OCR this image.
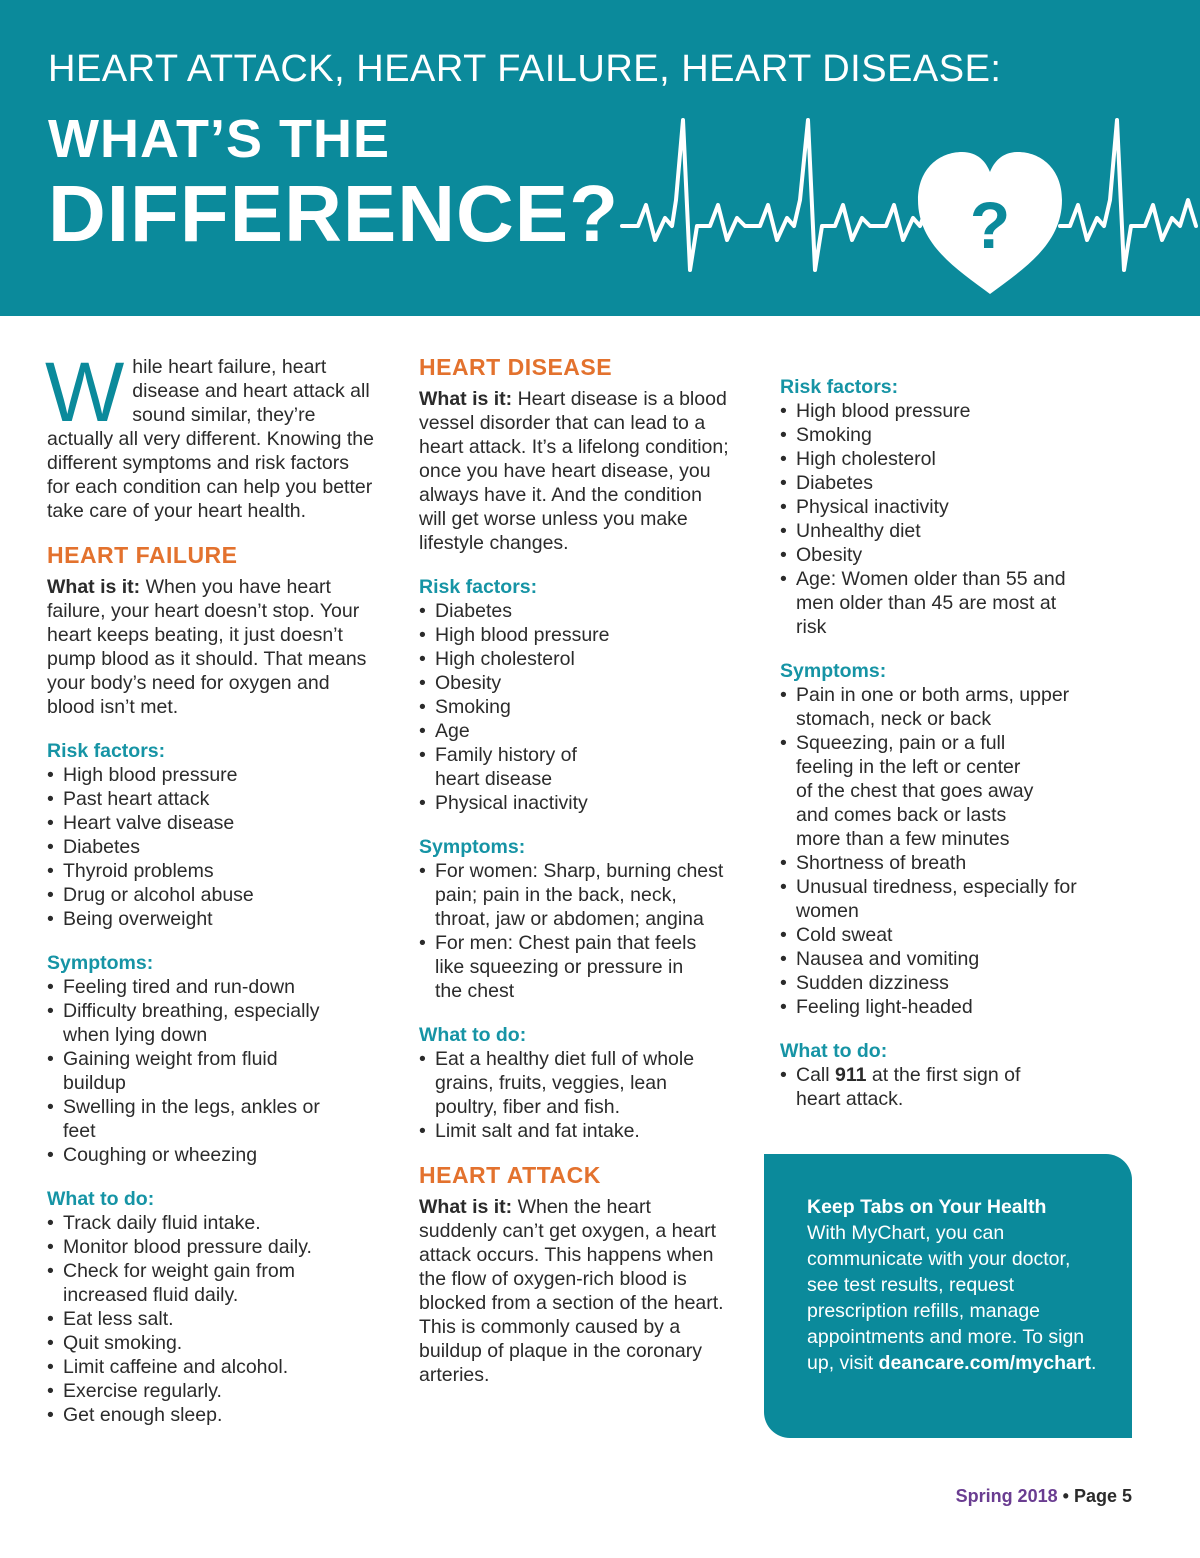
HEART ATTACK, HEART FAILURE, HEART DISEASE:
WHAT’S THE
DIFFERENCE?	?

While heart failure, heart disease and heart attack all sound similar, they’re actually all very different. Knowing the different symptoms and risk factors for each condition can help you better take care of your heart health.

HEART FAILURE

What is it: When you have heart failure, your heart doesn’t stop. Your heart keeps beating, it just doesn’t pump blood as it should. That means your body’s need for oxygen and blood isn’t met.

Risk factors:

• High blood pressure
• Past heart attack
• Heart valve disease
• Diabetes
• Thyroid problems
• Drug or alcohol abuse
• Being overweight

Symptoms:

• Feeling tired and run-down
• Difficulty breathing, especially when lying down
• Gaining weight from fluid buildup
• Swelling in the legs, ankles or feet
• Coughing or wheezing

What to do:

• Track daily fluid intake.
• Monitor blood pressure daily.
• Check for weight gain from increased fluid daily.
• Eat less salt.
• Quit smoking.
• Limit caffeine and alcohol.
• Exercise regularly.
• Get enough sleep.
HEART DISEASE

What is it: Heart disease is a blood vessel disorder that can lead to a heart attack. It’s a lifelong condition; once you have heart disease, you always have it. And the condition will get worse unless you make lifestyle changes.

Risk factors:

• Diabetes
• High blood pressure
• High cholesterol
• Obesity
• Smoking
• Age
• Family history of heart disease
• Physical inactivity

Symptoms:

• For women: Sharp, burning chest pain; pain in the back, neck, throat, jaw or abdomen; angina
• For men: Chest pain that feels like squeezing or pressure in the chest

What to do:

• Eat a healthy diet full of whole grains, fruits, veggies, lean poultry, fiber and fish.
• Limit salt and fat intake.
HEART ATTACK

What is it: When the heart suddenly can’t get oxygen, a heart attack occurs. This happens when the flow of oxygen-rich blood is blocked from a section of the heart. This is commonly caused by a buildup of plaque in the coronary arteries.

Risk factors:

• High blood pressure
• Smoking
• High cholesterol
• Diabetes
• Physical inactivity
• Unhealthy diet
• Obesity
• Age: Women older than 55 and men older than 45 are most at risk

Symptoms:

• Pain in one or both arms, upper stomach, neck or back
• Squeezing, pain or a full feeling in the left or center of the chest that goes away and comes back or lasts more than a few minutes
• Shortness of breath
• Unusual tiredness, especially for women
• Cold sweat
• Nausea and vomiting
• Sudden dizziness
• Feeling light-headed

What to do:

• Call 911 at the first sign of heart attack.

Keep Tabs on Your Health

With MyChart, you can communicate with your doctor, see test results, request prescription refills, manage appointments and more. To sign up, visit deancare.com/mychart.

Spring 2018 • Page 5
